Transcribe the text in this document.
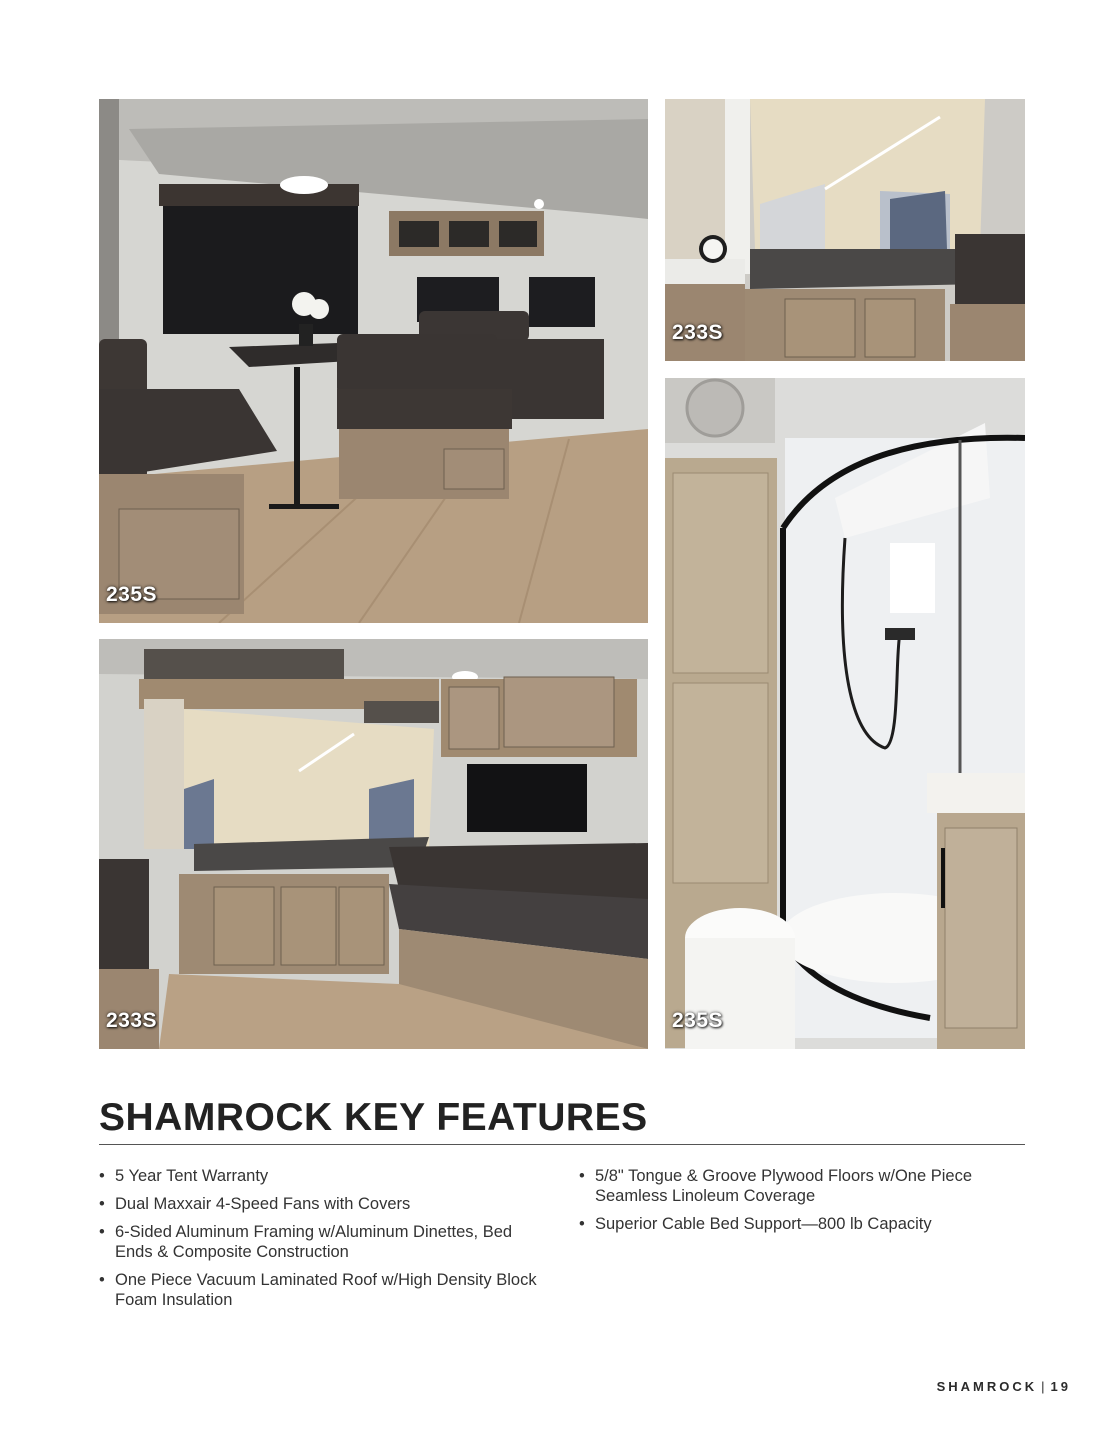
235S
233S
233S	235S
SHAMROCK KEY FEATURES
• 5 Year Tent Warranty
• Dual Maxxair 4-Speed Fans with Covers
• 6-Sided Aluminum Framing w/Aluminum Dinettes, Bed Ends & Composite Construction
• One Piece Vacuum Laminated Roof w/High Density Block Foam Insulation
• 5/8" Tongue & Groove Plywood Floors w/One Piece Seamless Linoleum Coverage
• Superior Cable Bed Support—800 lb Capacity
SHAMROCK | 19
